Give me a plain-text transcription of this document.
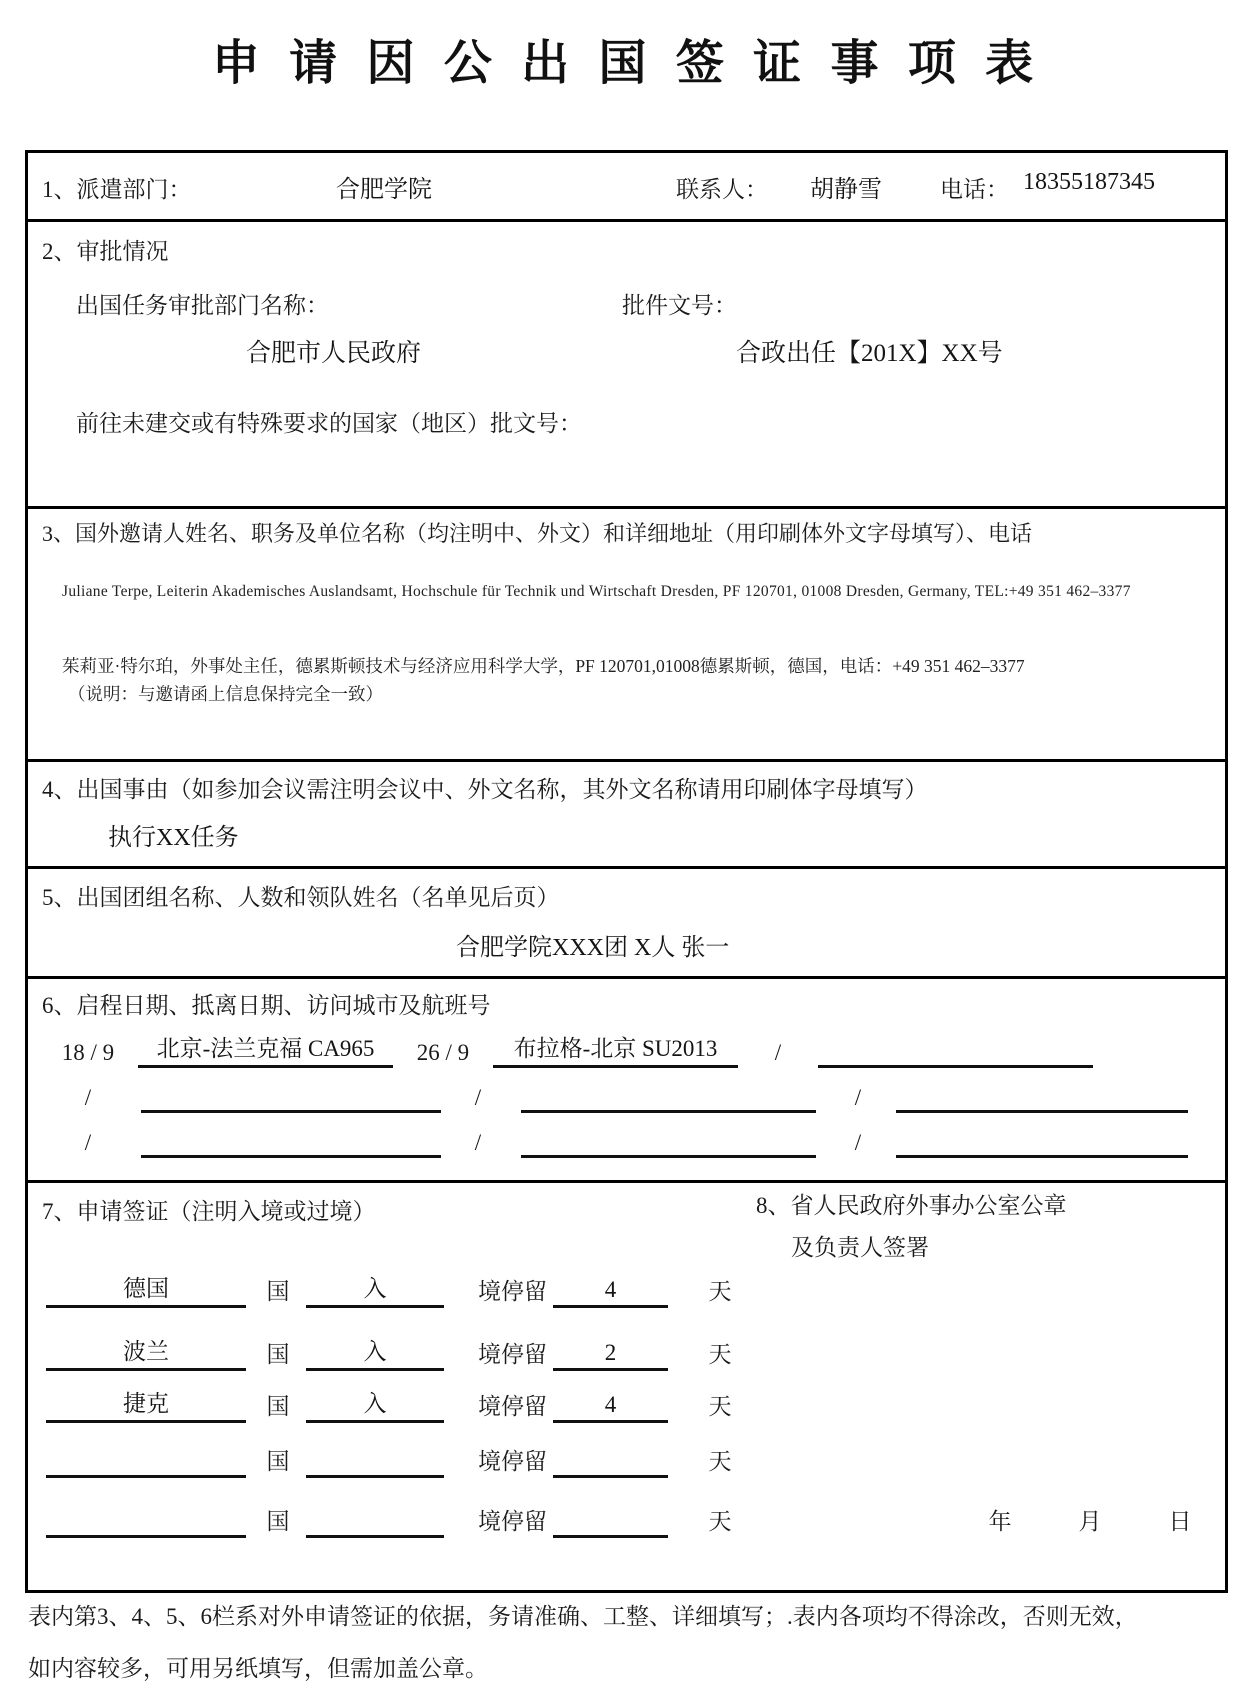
申 请 因 公 出 国 签 证 事 项 表
1、派遣部门：	合肥学院	联系人： 胡静雪	电话： 18355187345
2、审批情况
出国任务审批部门名称：	批件文号：
合肥市人民政府	合政出任【201X】XX号
前往未建交或有特殊要求的国家（地区）批文号：
3、国外邀请人姓名、职务及单位名称（均注明中、外文）和详细地址（用印刷体外文字母填写）、电话
Juliane Terpe, Leiterin Akademisches Auslandsamt, Hochschule für Technik und Wirtschaft Dresden, PF 120701, 01008 Dresden, Germany, TEL:+49 351 462–3377
茱莉亚·特尔珀，外事处主任，德累斯顿技术与经济应用科学大学，PF 120701,01008德累斯顿，德国，电话：+49 351 462–3377
（说明：与邀请函上信息保持完全一致）
4、出国事由（如参加会议需注明会议中、外文名称，其外文名称请用印刷体字母填写）
执行XX任务
5、出国团组名称、人数和领队姓名（名单见后页）
合肥学院XXX团 X人 张一
6、启程日期、抵离日期、访问城市及航班号
18 / 9	北京-法兰克福 CA965	26 / 9	布拉格-北京 SU2013	/
/	/	/
/	/	/
7、申请签证（注明入境或过境）	8、省人民政府外事办公室公章
及负责人签署
德国	国	入	境停留	4	天
波兰	国	入	境停留	2	天
捷克	国	入	境停留	4	天
国	境停留	天
国	境停留	天	年	月	日
表内第3、4、5、6栏系对外申请签证的依据，务请准确、工整、详细填写；.表内各项均不得涂改，否则无效，
如内容较多，可用另纸填写，但需加盖公章。
